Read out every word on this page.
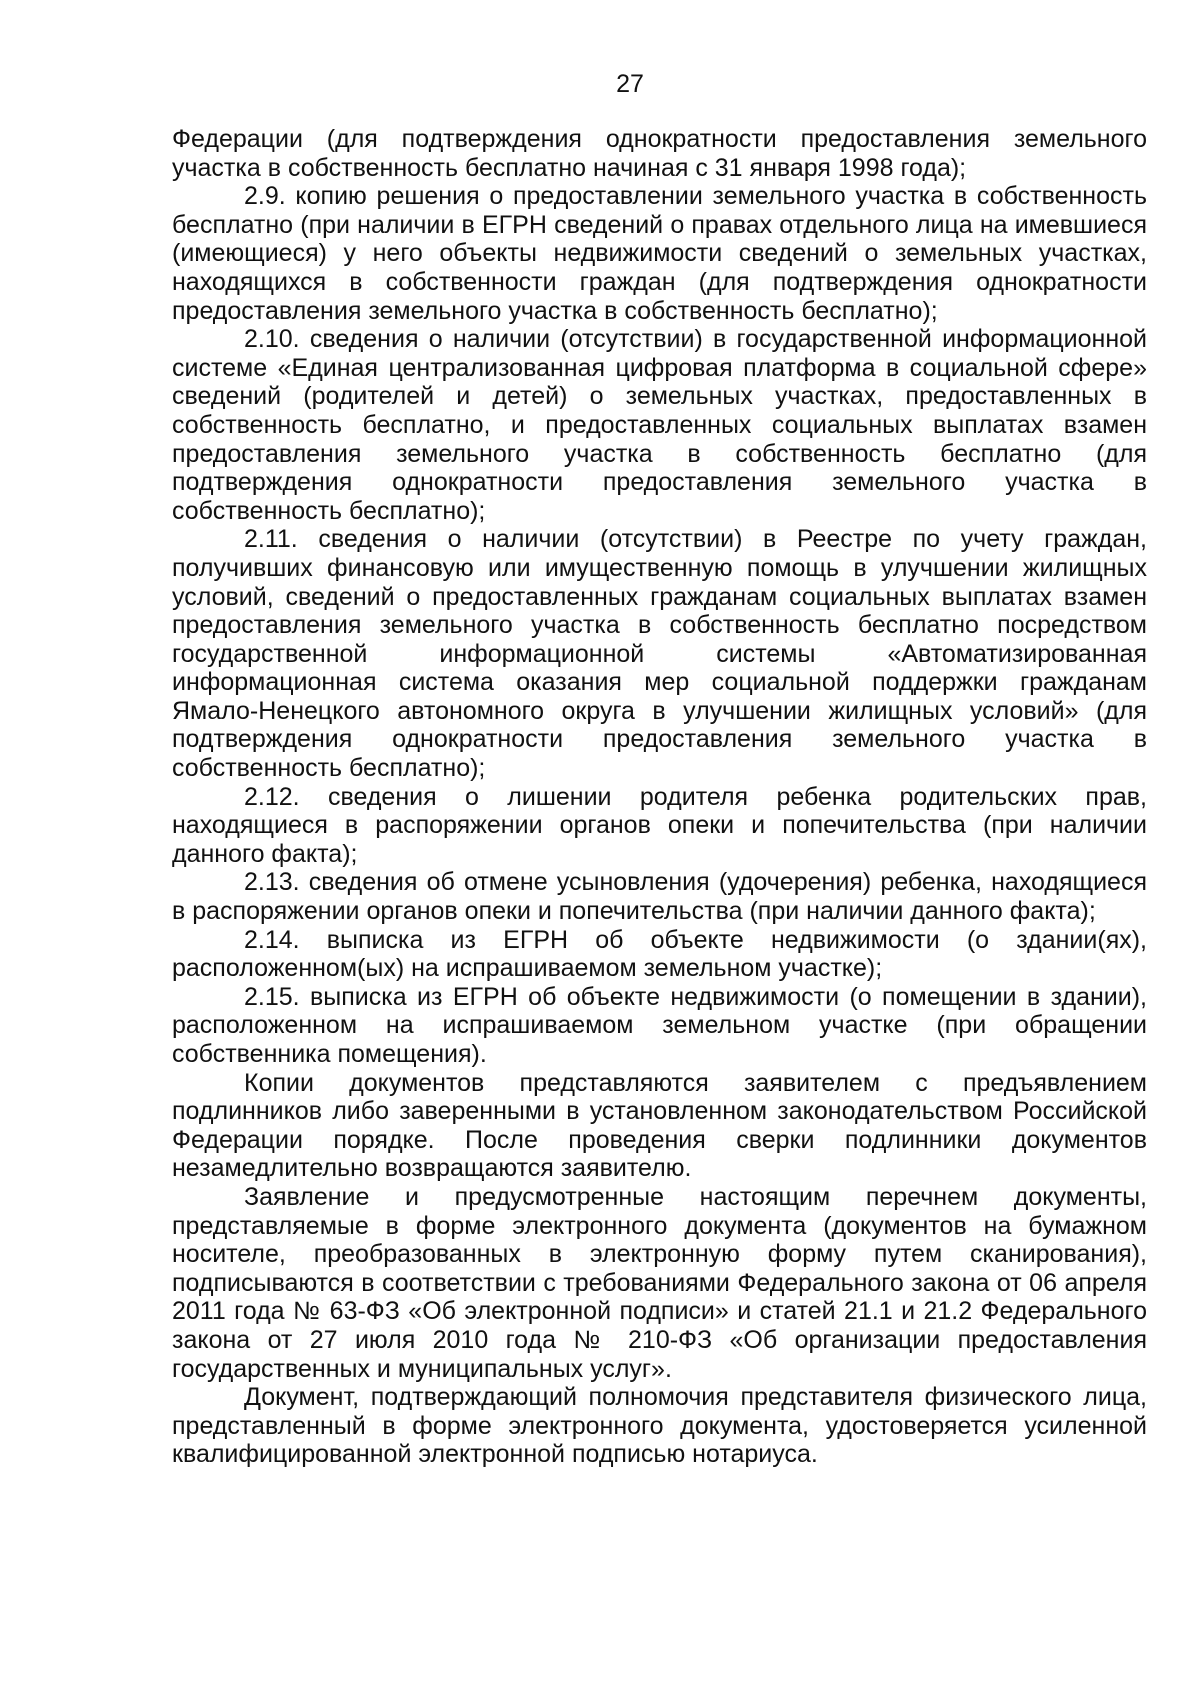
27

Федерации (для подтверждения однократности предоставления земельного участка в собственность бесплатно начиная с 31 января 1998 года);

2.9. копию решения о предоставлении земельного участка в собственность бесплатно (при наличии в ЕГРН сведений о правах отдельного лица на имевшиеся (имеющиеся) у него объекты недвижимости сведений о земельных участках, находящихся в собственности граждан (для подтверждения однократности предоставления земельного участка в собственность бесплатно);

2.10. сведения о наличии (отсутствии) в государственной информационной системе «Единая централизованная цифровая платформа в социальной сфере» сведений (родителей и детей) о земельных участках, предоставленных в собственность бесплатно, и предоставленных социальных выплатах взамен предоставления земельного участка в собственность бесплатно (для подтверждения однократности предоставления земельного участка в собственность бесплатно);

2.11. сведения о наличии (отсутствии) в Реестре по учету граждан, получивших финансовую или имущественную помощь в улучшении жилищных условий, сведений о предоставленных гражданам социальных выплатах взамен предоставления земельного участка в собственность бесплатно посредством государственной информационной системы «Автоматизированная информационная система оказания мер социальной поддержки гражданам Ямало-Ненецкого автономного округа в улучшении жилищных условий» (для подтверждения однократности предоставления земельного участка в собственность бесплатно);

2.12. сведения о лишении родителя ребенка родительских прав, находящиеся в распоряжении органов опеки и попечительства (при наличии данного факта);

2.13. сведения об отмене усыновления (удочерения) ребенка, находящиеся в распоряжении органов опеки и попечительства (при наличии данного факта);

2.14. выписка из ЕГРН об объекте недвижимости (о здании(ях), расположенном(ых) на испрашиваемом земельном участке);

2.15. выписка из ЕГРН об объекте недвижимости (о помещении в здании), расположенном на испрашиваемом земельном участке (при обращении собственника помещения).

Копии документов представляются заявителем с предъявлением подлинников либо заверенными в установленном законодательством Российской Федерации порядке. После проведения сверки подлинники документов незамедлительно возвращаются заявителю.

Заявление и предусмотренные настоящим перечнем документы, представляемые в форме электронного документа (документов на бумажном носителе, преобразованных в электронную форму путем сканирования), подписываются в соответствии с требованиями Федерального закона от 06 апреля 2011 года № 63-ФЗ «Об электронной подписи» и статей 21.1 и 21.2 Федерального закона от 27 июля 2010 года № 210-ФЗ «Об организации предоставления государственных и муниципальных услуг».

Документ, подтверждающий полномочия представителя физического лица, представленный в форме электронного документа, удостоверяется усиленной квалифицированной электронной подписью нотариуса.
